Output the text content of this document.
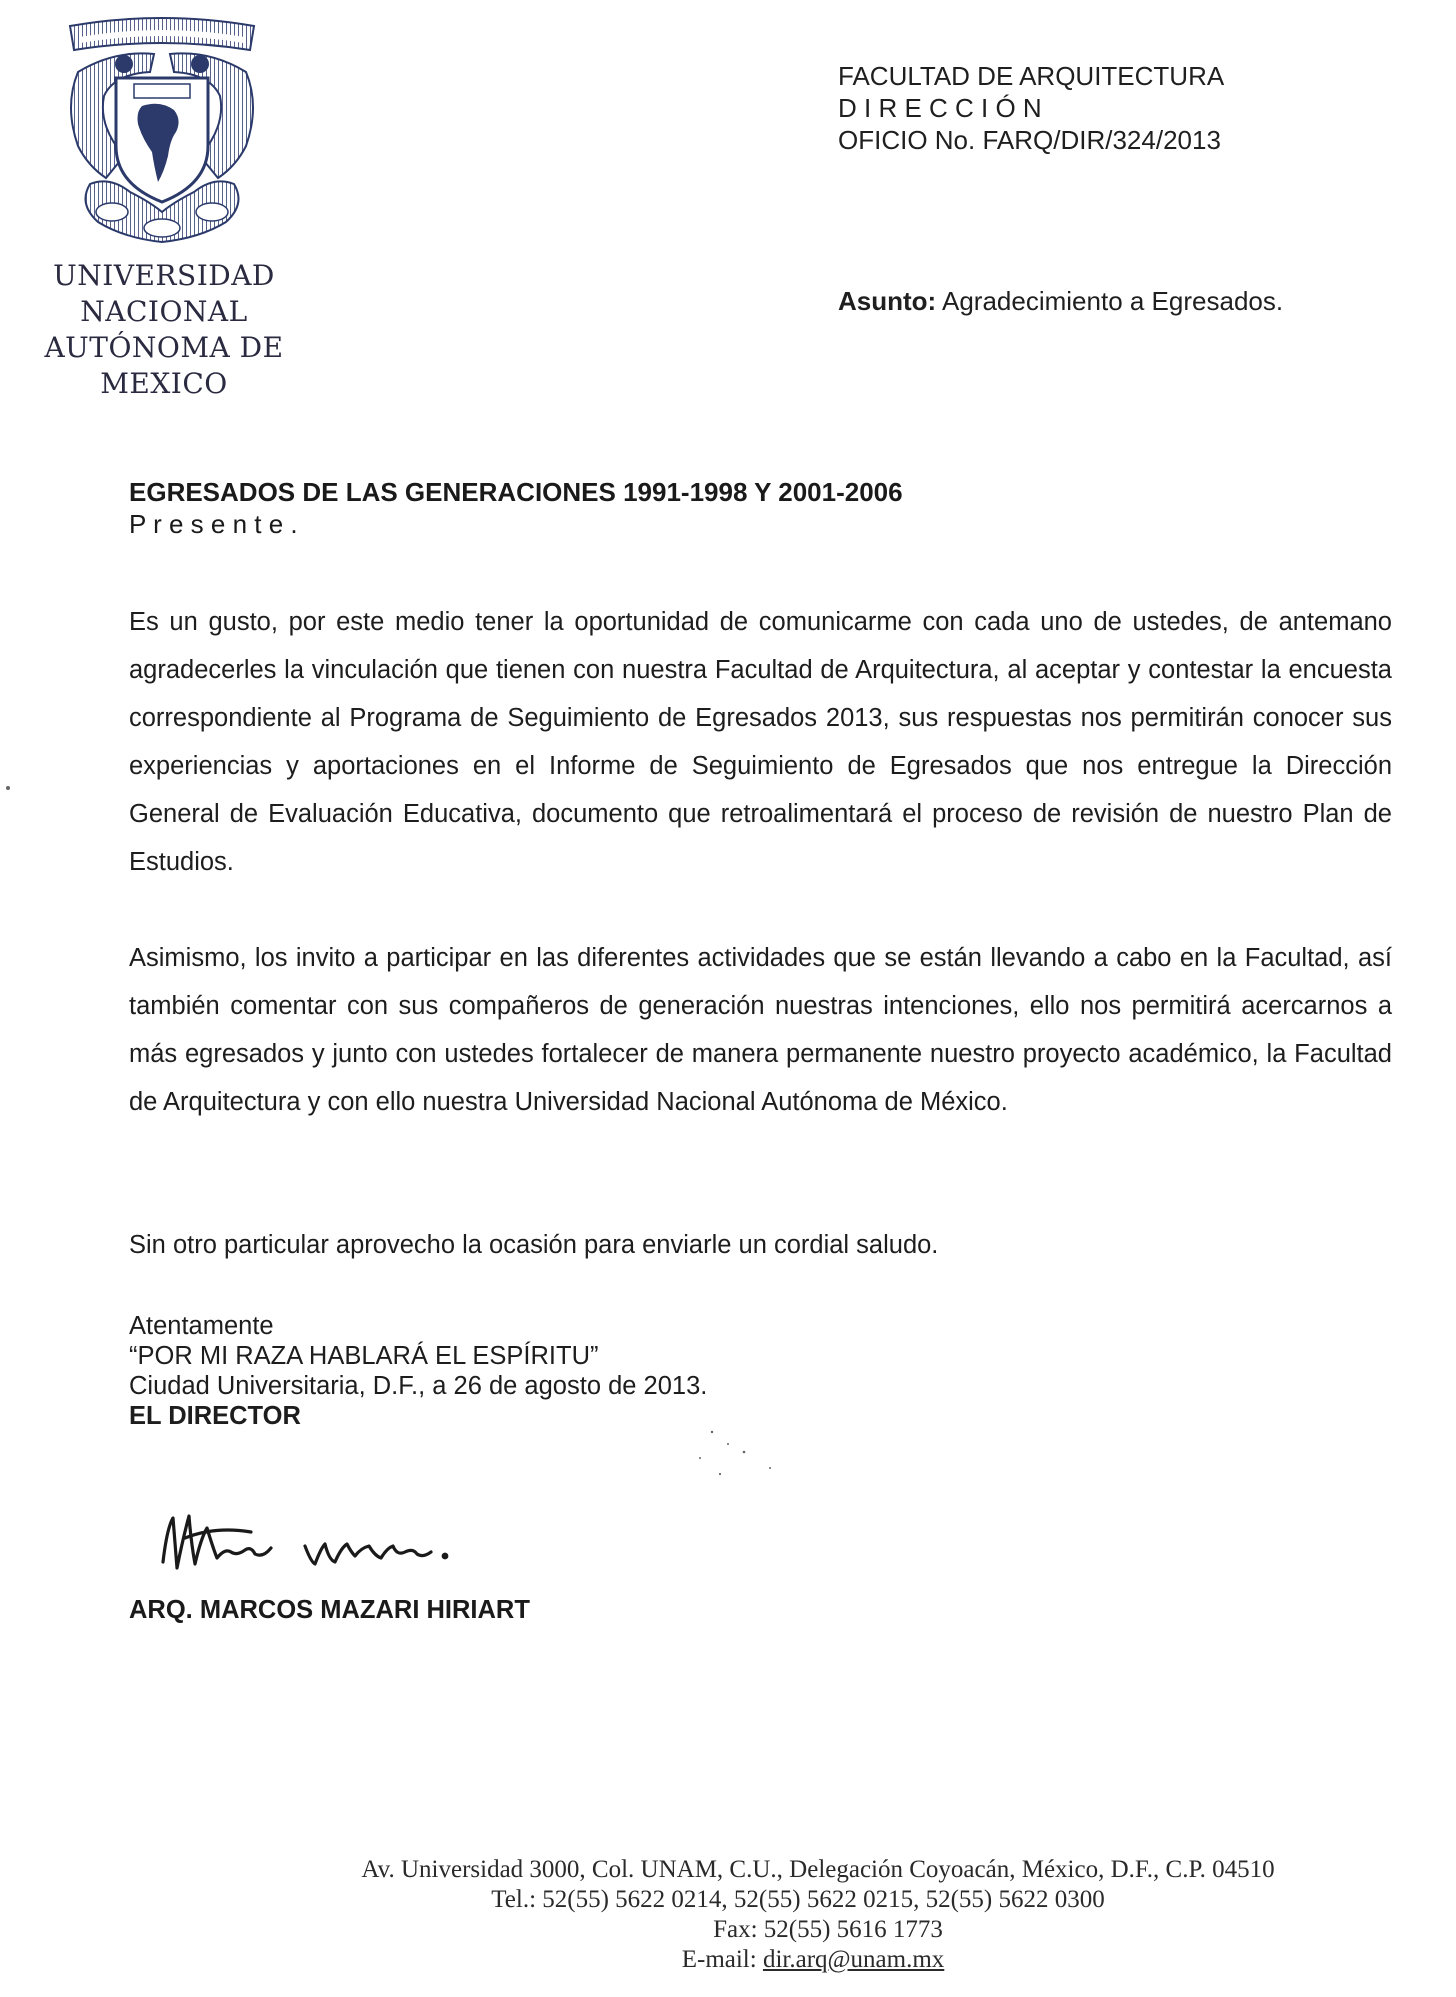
UNIVERSIDAD NACIONAL
AUTÓNOMA DE
MEXICO
FACULTAD DE ARQUITECTURA
D I R E C C I Ó N
OFICIO No. FARQ/DIR/324/2013
Asunto: Agradecimiento a Egresados.
EGRESADOS DE LAS GENERACIONES 1991-1998 Y 2001-2006
P r e s e n t e .
Es un gusto, por este medio tener la oportunidad de comunicarme con cada uno de ustedes, de antemano agradecerles la vinculación que tienen con nuestra Facultad de Arquitectura, al aceptar y contestar la encuesta correspondiente al Programa de Seguimiento de Egresados 2013, sus respuestas nos permitirán conocer sus experiencias y aportaciones en el Informe de Seguimiento de Egresados que nos entregue la Dirección General de Evaluación Educativa, documento que retroalimentará el proceso de revisión de nuestro Plan de Estudios.
Asimismo, los invito a participar en las diferentes actividades que se están llevando a cabo en la Facultad, así también comentar con sus compañeros de generación nuestras intenciones, ello nos permitirá acercarnos a más egresados y junto con ustedes fortalecer de manera permanente nuestro proyecto académico, la Facultad de Arquitectura y con ello nuestra Universidad Nacional Autónoma de México.
Sin otro particular aprovecho la ocasión para enviarle un cordial saludo.
Atentamente
“POR MI RAZA HABLARÁ EL ESPÍRITU”
Ciudad Universitaria, D.F., a 26 de agosto de 2013.
EL DIRECTOR
ARQ. MARCOS MAZARI HIRIART
Av. Universidad 3000, Col. UNAM, C.U., Delegación Coyoacán, México, D.F., C.P. 04510
Tel.: 52(55) 5622 0214, 52(55) 5622 0215, 52(55) 5622 0300
Fax: 52(55) 5616 1773
E-mail: dir.arq@unam.mx
